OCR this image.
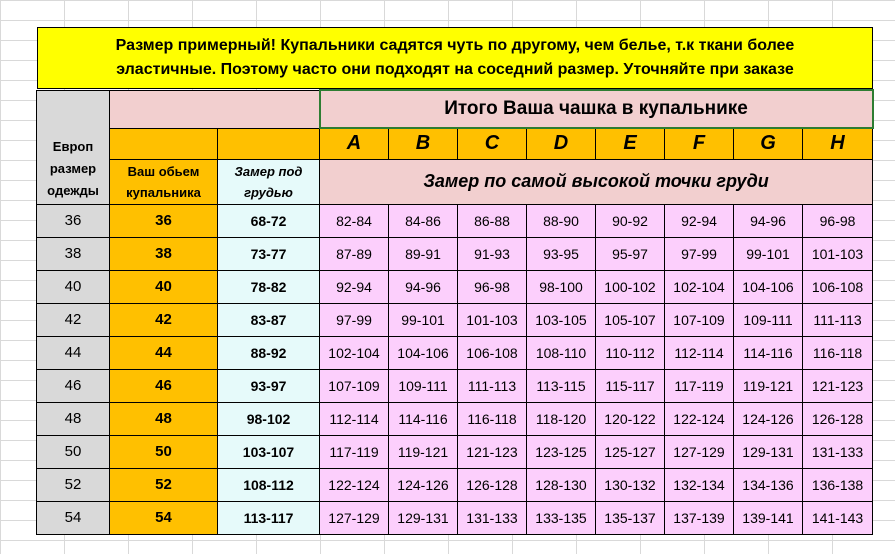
Размер примерный! Купальники садятся чуть по другому, чем белье, т.к ткани более
эластичные. Поэтому часто они подходят на соседний размер. Уточняйте при заказе
Европ размер одежды			Итого Ваша чашка в купальнике							
			A	B	C	D	E	F	G	H
	Ваш обьем купальника	Замер под грудью	Замер по самой высокой точки груди							
36	36	68-72	82-84	84-86	86-88	88-90	90-92	92-94	94-96	96-98
38	38	73-77	87-89	89-91	91-93	93-95	95-97	97-99	99-101	101-103
40	40	78-82	92-94	94-96	96-98	98-100	100-102	102-104	104-106	106-108
42	42	83-87	97-99	99-101	101-103	103-105	105-107	107-109	109-111	111-113
44	44	88-92	102-104	104-106	106-108	108-110	110-112	112-114	114-116	116-118
46	46	93-97	107-109	109-111	111-113	113-115	115-117	117-119	119-121	121-123
48	48	98-102	112-114	114-116	116-118	118-120	120-122	122-124	124-126	126-128
50	50	103-107	117-119	119-121	121-123	123-125	125-127	127-129	129-131	131-133
52	52	108-112	122-124	124-126	126-128	128-130	130-132	132-134	134-136	136-138
54	54	113-117	127-129	129-131	131-133	133-135	135-137	137-139	139-141	141-143
